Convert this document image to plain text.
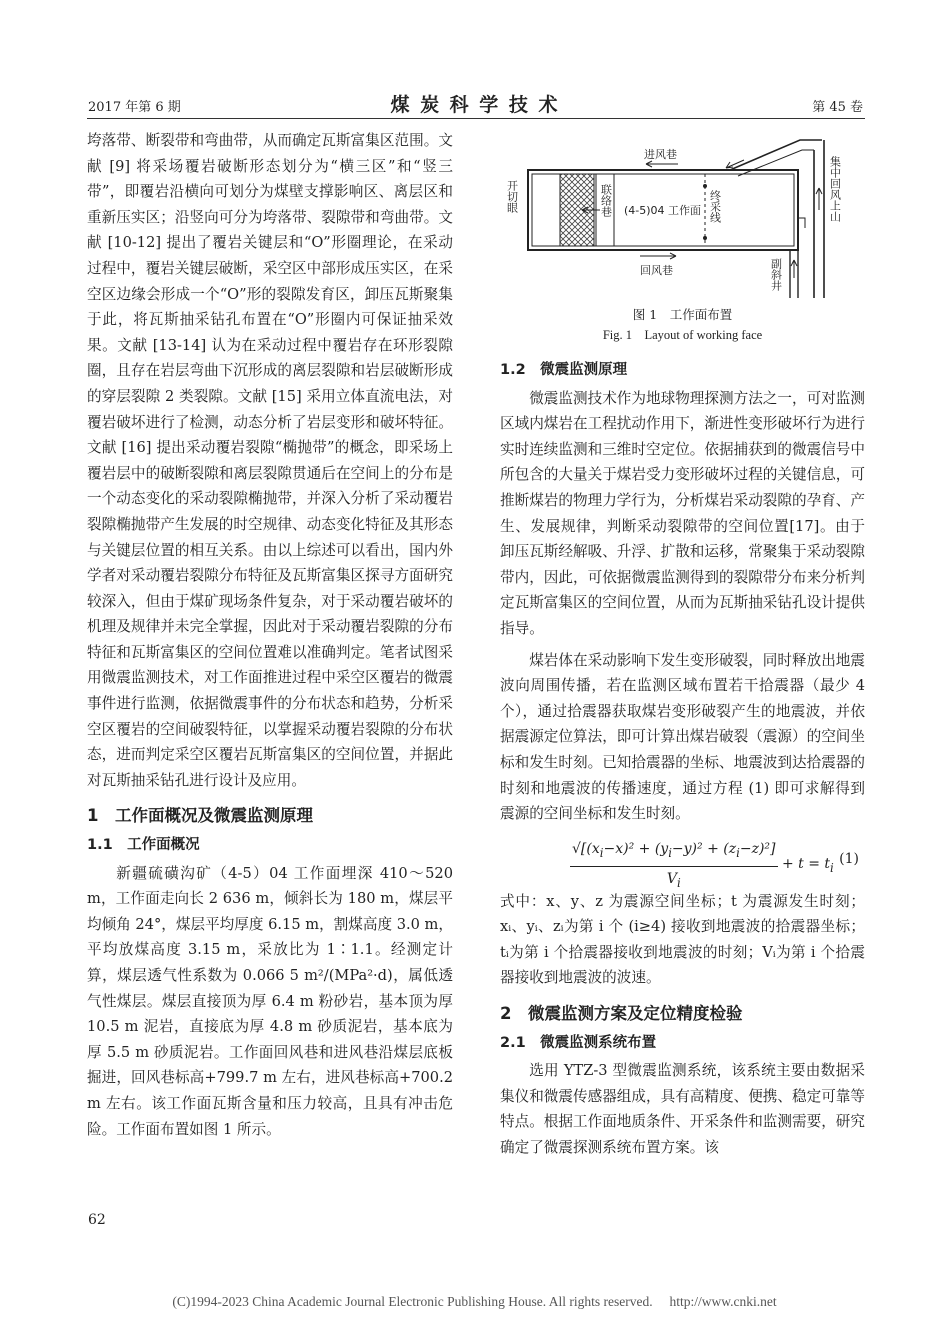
2017 年第 6 期	煤 炭 科 学 技 术	第 45 卷

垮落带、断裂带和弯曲带，从而确定瓦斯富集区范围。文献 [9] 将采场覆岩破断形态划分为“横三区”和“竖三带”，即覆岩沿横向可划分为煤壁支撑影响区、离层区和重新压实区；沿竖向可分为垮落带、裂隙带和弯曲带。文献 [10-12] 提出了覆岩关键层和“O”形圈理论，在采动过程中，覆岩关键层破断，采空区中部形成压实区，在采空区边缘会形成一个“O”形的裂隙发育区，卸压瓦斯聚集于此，将瓦斯抽采钻孔布置在“O”形圈内可保证抽采效果。文献 [13-14] 认为在采动过程中覆岩存在环形裂隙圈，且存在岩层弯曲下沉形成的离层裂隙和岩层破断形成的穿层裂隙 2 类裂隙。文献 [15] 采用立体直流电法，对覆岩破坏进行了检测，动态分析了岩层变形和破坏特征。文献 [16] 提出采动覆岩裂隙“椭抛带”的概念，即采场上覆岩层中的破断裂隙和离层裂隙贯通后在空间上的分布是一个动态变化的采动裂隙椭抛带，并深入分析了采动覆岩裂隙椭抛带产生发展的时空规律、动态变化特征及其形态与关键层位置的相互关系。由以上综述可以看出，国内外学者对采动覆岩裂隙分布特征及瓦斯富集区探寻方面研究较深入，但由于煤矿现场条件复杂，对于采动覆岩破坏的机理及规律并未完全掌握，因此对于采动覆岩裂隙的分布特征和瓦斯富集区的空间位置难以准确判定。笔者试图采用微震监测技术，对工作面推进过程中采空区覆岩的微震事件进行监测，依据微震事件的分布状态和趋势，分析采空区覆岩的空间破裂特征，以掌握采动覆岩裂隙的分布状态，进而判定采空区覆岩瓦斯富集区的空间位置，并据此对瓦斯抽采钻孔进行设计及应用。

1　工作面概况及微震监测原理

1.1　工作面概况

新疆硫磺沟矿（4-5）04 工作面埋深 410～520 m，工作面走向长 2 636 m，倾斜长为 180 m，煤层平均倾角 24°，煤层平均厚度 6.15 m，割煤高度 3.0 m，平均放煤高度 3.15 m，采放比为 1∶1.1。经测定计算，煤层透气性系数为 0.066 5 m²/(MPa²·d)，属低透气性煤层。煤层直接顶为厚 6.4 m 粉砂岩，基本顶为厚 10.5 m 泥岩，直接底为厚 4.8 m 砂质泥岩，基本底为厚 5.5 m 砂质泥岩。工作面回风巷和进风巷沿煤层底板掘进，回风巷标高+799.7 m 左右，进风巷标高+700.2 m 左右。该工作面瓦斯含量和压力较高，且具有冲击危险。工作面布置如图 1 所示。

62
进风巷
回风巷
(4-5)04 工作面
开切眼	联络巷	终采线	集中回风上山
副斜井
图 1　工作面布置
Fig. 1　Layout of working face

1.2　微震监测原理

微震监测技术作为地球物理探测方法之一，可对监测区域内煤岩在工程扰动作用下，渐进性变形破坏行为进行实时连续监测和三维时空定位。依据捕获到的微震信号中所包含的大量关于煤岩受力变形破坏过程的关键信息，可推断煤岩的物理力学行为，分析煤岩采动裂隙的孕育、产生、发展规律，判断采动裂隙带的空间位置[17]。由于卸压瓦斯经解吸、升浮、扩散和运移，常聚集于采动裂隙带内，因此，可依据微震监测得到的裂隙带分布来分析判定瓦斯富集区的空间位置，从而为瓦斯抽采钻孔设计提供指导。

煤岩体在采动影响下发生变形破裂，同时释放出地震波向周围传播，若在监测区域布置若干拾震器（最少 4 个），通过拾震器获取煤岩变形破裂产生的地震波，并依据震源定位算法，即可计算出煤岩破裂（震源）的空间坐标和发生时刻。已知拾震器的坐标、地震波到达拾震器的时刻和地震波的传播速度，通过方程 (1) 即可求解得到震源的空间坐标和发生时刻。

$\frac{√[(x_i-x)^2 + (y_i-y)^2 + (z_i-z)^2]}{V_i} + t = t_i$
(1)

式中：x、y、z 为震源空间坐标；t 为震源发生时刻；xᵢ、yᵢ、zᵢ为第 i 个 (i≥4) 接收到地震波的拾震器坐标；tᵢ为第 i 个拾震器接收到地震波的时刻；Vᵢ为第 i 个拾震器接收到地震波的波速。

2　微震监测方案及定位精度检验

2.1　微震监测系统布置

选用 YTZ-3 型微震监测系统，该系统主要由数据采集仪和微震传感器组成，具有高精度、便携、稳定可靠等特点。根据工作面地质条件、开采条件和监测需要，研究确定了微震探测系统布置方案。该

(C)1994-2023 China Academic Journal Electronic Publishing House. All rights reserved.　 http://www.cnki.net
